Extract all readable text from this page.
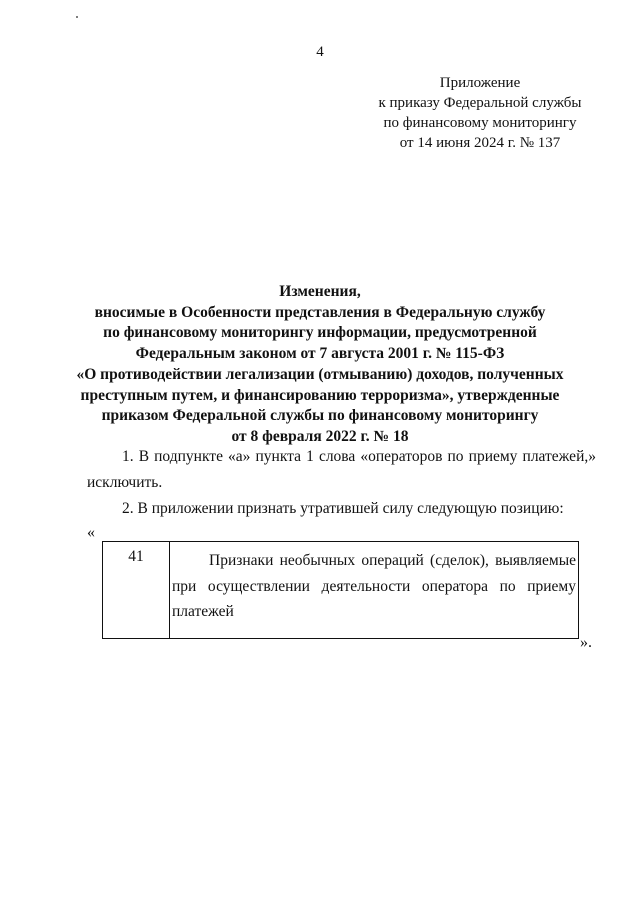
4
Приложение
к приказу Федеральной службы
по финансовому мониторингу
от 14 июня 2024 г. № 137
Изменения,
вносимые в Особенности представления в Федеральную службу
по финансовому мониторингу информации, предусмотренной
Федеральным законом от 7 августа 2001 г. № 115-ФЗ
«О противодействии легализации (отмыванию) доходов, полученных
преступным путем, и финансированию терроризма», утвержденные
приказом Федеральной службы по финансовому мониторингу
от 8 февраля 2022 г. № 18
1. В подпункте «а» пункта 1 слова «операторов по приему платежей,»
исключить.
2. В приложении признать утратившей силу следующую позицию:
«
41	Признаки необычных операций (сделок), выявляемые
при осуществлении деятельности оператора по приему
платежей
».
